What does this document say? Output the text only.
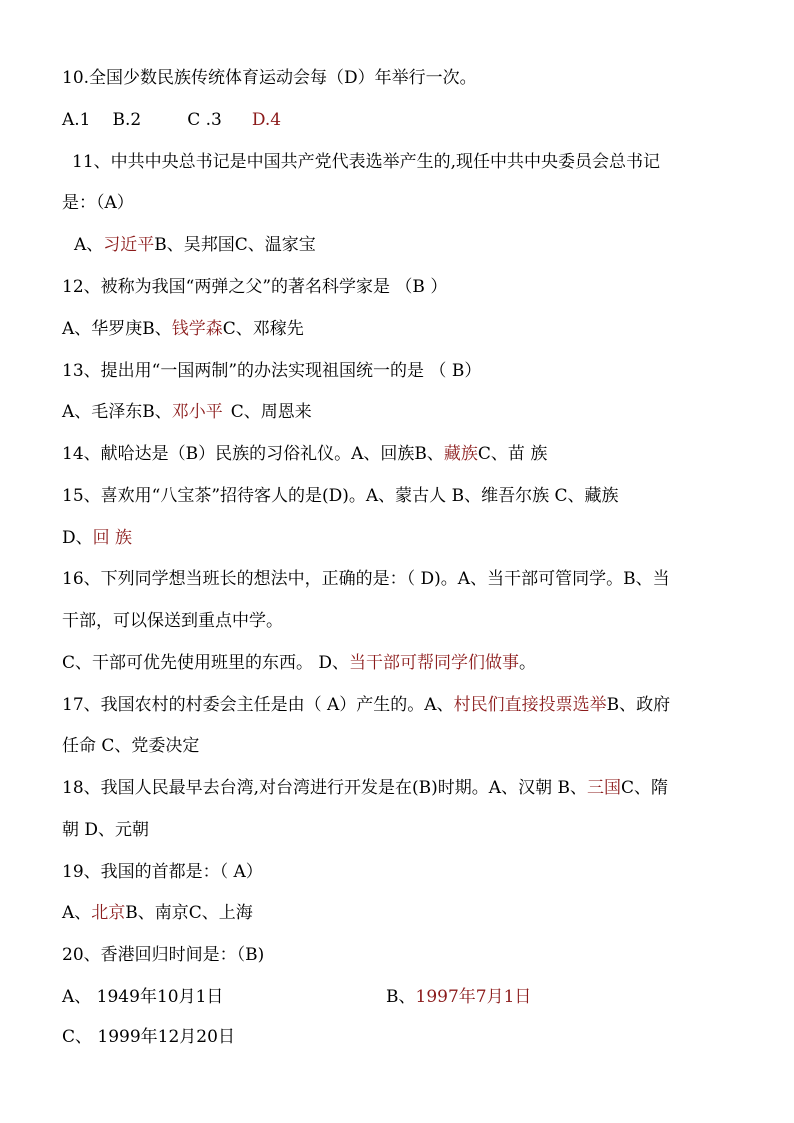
10.全国少数民族传统体育运动会每（D）年举行一次。
A.1 B.2	C .3 D.4
11、中共中央总书记是中国共产党代表选举产生的,现任中共中央委员会总书记
是：（A）
A、习近平B、吴邦国C、温家宝
12、被称为我国“两弹之父”的著名科学家是 （B ）
A、华罗庚B、钱学森C、邓稼先
13、提出用“一国两制”的办法实现祖国统一的是 （ B）
A、毛泽东B、邓小平 C、周恩来
14、献哈达是（B）民族的习俗礼仪。A、回族B、藏族C、苗 族
15、喜欢用“八宝茶”招待客人的是(D)。A、蒙古人 B、维吾尔族 C、藏族
D、回 族
16、下列同学想当班长的想法中，正确的是：（ D)。A、当干部可管同学。B、当
干部，可以保送到重点中学。
C、干部可优先使用班里的东西。 D、当干部可帮同学们做事。
17、我国农村的村委会主任是由（ A）产生的。A、村民们直接投票选举B、政府
任命 C、党委决定
18、我国人民最早去台湾,对台湾进行开发是在(B)时期。A、汉朝 B、三国C、隋
朝 D、元朝
19、我国的首都是：（ A）
A、北京B、南京C、上海
20、香港回归时间是：（B)
A、 1949年10月1日	B、1997年7月1日
C、 1999年12月20日
